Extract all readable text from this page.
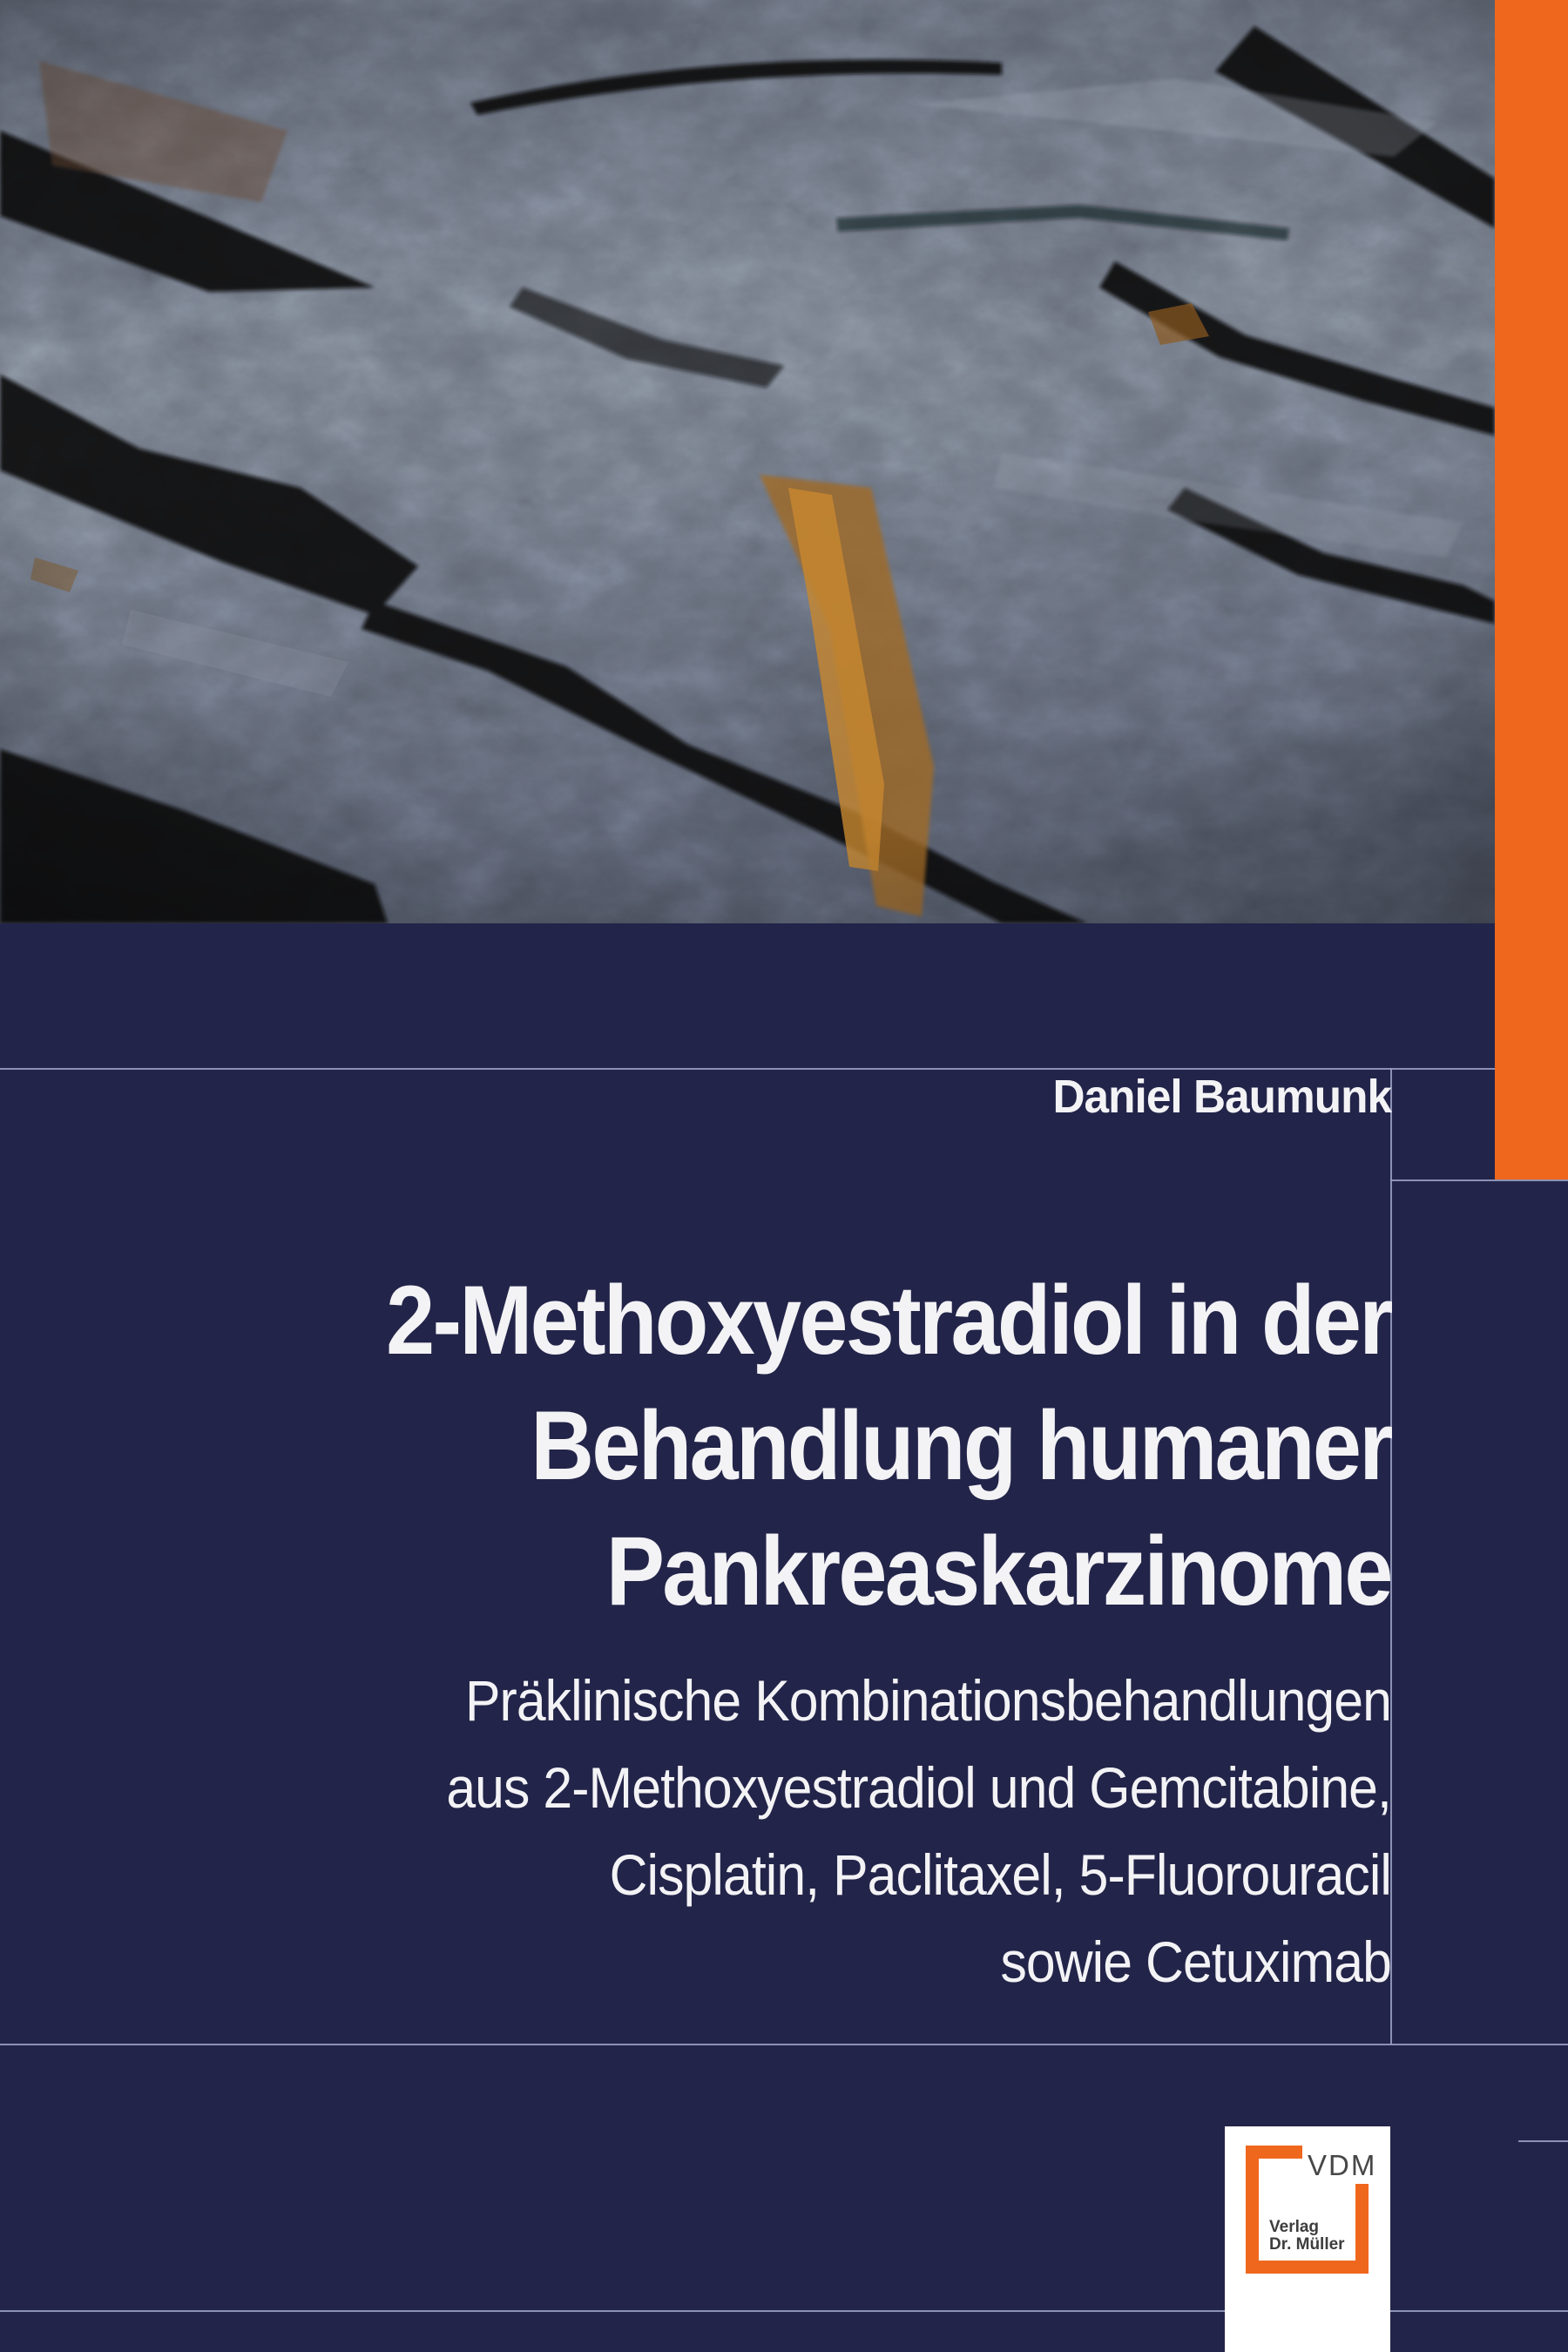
Daniel Baumunk
2-Methoxyestradiol in der
Behandlung humaner
Pankreaskarzinome
Präklinische Kombinationsbehandlungen
aus 2-Methoxyestradiol und Gemcitabine,
Cisplatin, Paclitaxel, 5-Fluorouracil
sowie Cetuximab
VDM
Verlag
Dr. Müller
